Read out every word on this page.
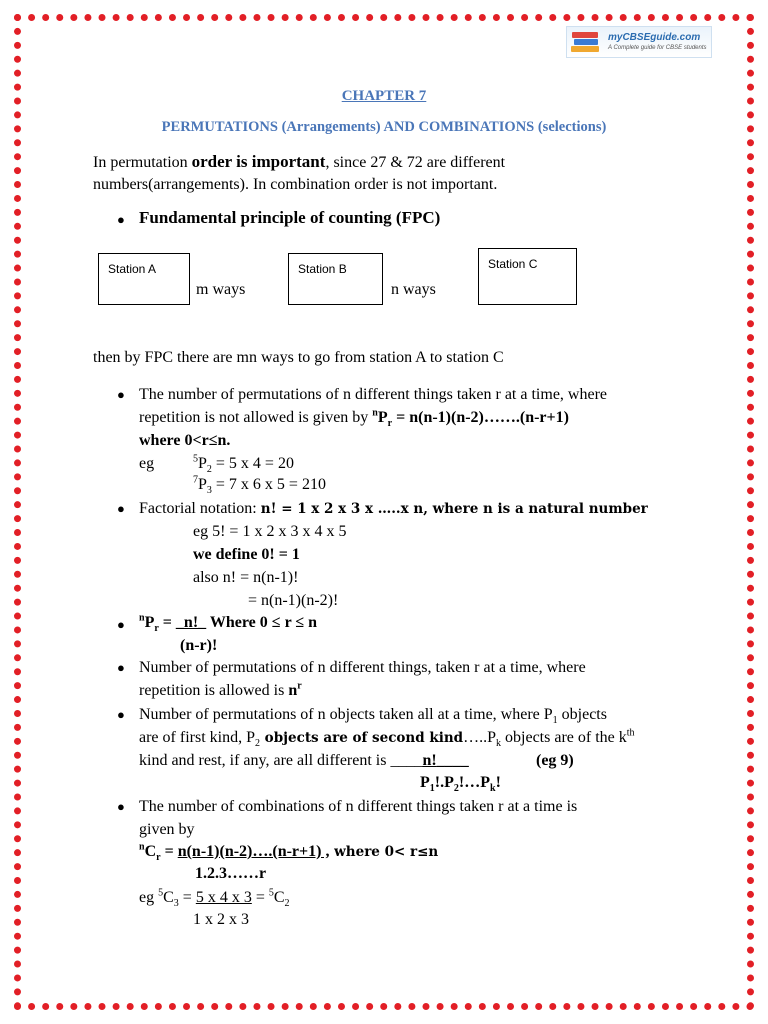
myCBSEguide.com
A Complete guide for CBSE students
CHAPTER 7
PERMUTATIONS (Arrangements) AND COMBINATIONS (selections)
In permutation order is important, since 27 & 72 are different
numbers(arrangements). In combination order is not important.
● Fundamental principle of counting (FPC)
Station A
m ways
Station B
n ways
Station C
then by FPC there are mn ways to go from station A to station C
● The number of permutations of n different things taken r at a time, where
repetition is not allowed is given by $^nP_r$ = n(n-1)(n-2)…….(n-r+1)
where 0<r≤n.
eg	$^5P_2 = 5$ x 4 = 20
$^7P_3 = 7$ x 6 x 5 = 210
● Factorial notation: n! = 1 x 2 x 3 x …..x n, where n is a natural number
eg 5! = 1 x 2 x 3 x 4 x 5
we define 0! = 1
also n! = n(n-1)!
= n(n-1)(n-2)!
● $^nP_r$ = _n!_ Where 0 ≤ r ≤ n
(n-r)!
● Number of permutations of n different things, taken r at a time, where
repetition is allowed is $n^r$
● Number of permutations of n objects taken all at a time, where $P_1$ objects
are of first kind, $P_2$ objects are of second $kind\dots..P_k$ objects are of the $k^{th}$
kind and rest, if any, are all different is ____n!____	(eg 9)
$P_1!.P_2!\dots P_k$!
● The number of combinations of n different things taken r at a time is
given by
$^nC_r$ = n(n-1)(n-2)….(n-r+1) , where 0< r≤n
1.2.3……r
eg $^5C_3 = 5$ x 4 x $3 = ^5C_2$
1 x 2 x 3
